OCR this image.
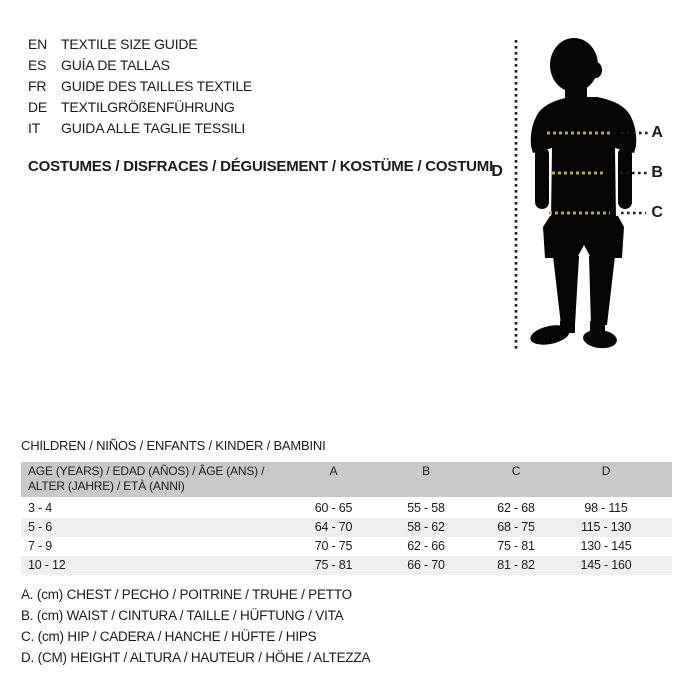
EN TEXTILE SIZE GUIDE
ES	GUÍA DE TALLAS
FR	GUIDE DES TAILLES TEXTILE
DE TEXTILGRÖßENFÜHRUNG
IT	GUIDA ALLE TAGLIE TESSILI
COSTUMES / DISFRACES / DÉGUISEMENT / KOSTÜME / COSTUMI
A
B
C
D
CHILDREN / NIÑOS / ENFANTS / KINDER / BAMBINI
AGE (YEARS) / EDAD (AÑOS) / ÂGE (ANS) /
ALTER (JAHRE) / ETÀ (ANNI)
A	B	C	D
3 - 4	60 - 65	55 - 58	62 - 68	98 - 115
5 - 6	64 - 70	58 - 62	68 - 75	115 - 130
7 - 9	70 - 75	62 - 66	75 - 81	130 - 145
10 - 12	75 - 81	66 - 70	81 - 82	145 - 160
A. (cm) CHEST / PECHO / POITRINE / TRUHE / PETTO
B. (cm) WAIST / CINTURA / TAILLE / HÜFTUNG / VITA
C. (cm) HIP / CADERA / HANCHE / HÜFTE / HIPS
D. (CM) HEIGHT / ALTURA / HAUTEUR / HÖHE / ALTEZZA
